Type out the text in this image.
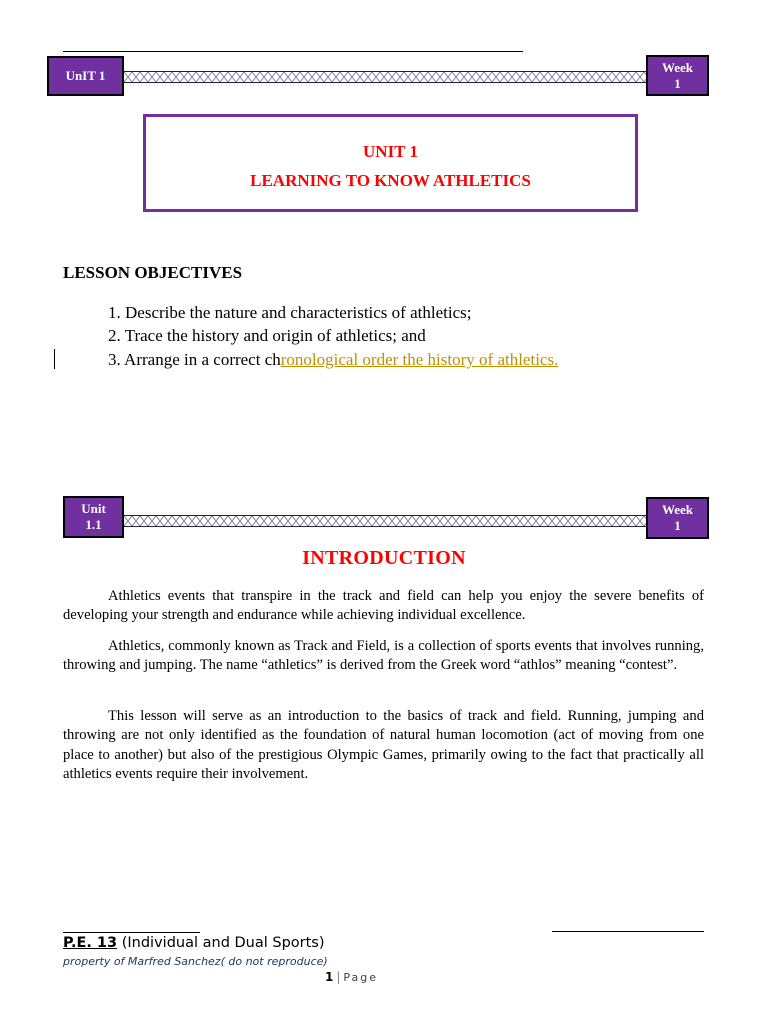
UnIT 1
Week
1
UNIT 1
LEARNING TO KNOW ATHLETICS
LESSON OBJECTIVES
1. Describe the nature and characteristics of athletics;
2. Trace the history and origin of athletics; and
3. Arrange in a correct chronological order the history of athletics.
Unit
1.1
Week
1
INTRODUCTION
Athletics events that transpire in the track and field can help you enjoy the severe benefits of developing your strength and endurance while achieving individual excellence.
Athletics, commonly known as Track and Field, is a collection of sports events that involves running, throwing and jumping. The name “athletics” is derived from the Greek word “athlos” meaning “contest”.
This lesson will serve as an introduction to the basics of track and field. Running, jumping and throwing are not only identified as the foundation of natural human locomotion (act of moving from one place to another) but also of the prestigious Olympic Games, primarily owing to the fact that practically all athletics events require their involvement.
P.E. 13 (Individual and Dual Sports)
property of Marfred Sanchez( do not reproduce)
1 | Page
